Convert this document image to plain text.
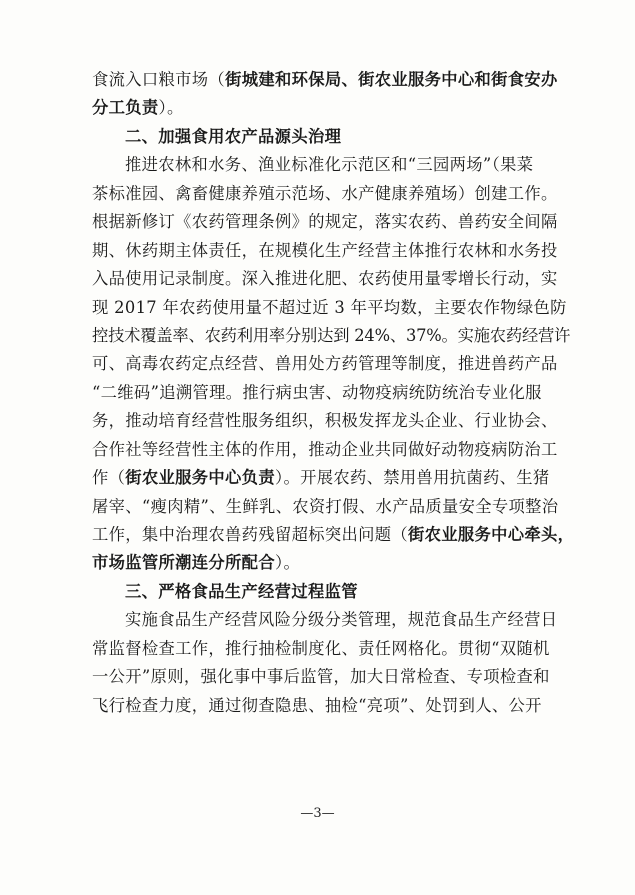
食流入口粮市场（街城建和环保局、街农业服务中心和街食安办
分工负责）。
二、加强食用农产品源头治理
推进农林和水务、渔业标准化示范区和“三园两场”（果菜
茶标准园、禽畜健康养殖示范场、水产健康养殖场）创建工作。
根据新修订《农药管理条例》的规定，落实农药、兽药安全间隔
期、休药期主体责任，在规模化生产经营主体推行农林和水务投
入品使用记录制度。深入推进化肥、农药使用量零增长行动，实
现 2017 年农药使用量不超过近 3 年平均数，主要农作物绿色防
控技术覆盖率、农药利用率分别达到 24%、37%。实施农药经营许
可、高毒农药定点经营、兽用处方药管理等制度，推进兽药产品
“二维码”追溯管理。推行病虫害、动物疫病统防统治专业化服
务，推动培育经营性服务组织，积极发挥龙头企业、行业协会、
合作社等经营性主体的作用，推动企业共同做好动物疫病防治工
作（街农业服务中心负责）。开展农药、禁用兽用抗菌药、生猪
屠宰、“瘦肉精”、生鲜乳、农资打假、水产品质量安全专项整治
工作，集中治理农兽药残留超标突出问题（街农业服务中心牵头，
市场监管所潮连分所配合）。
三、严格食品生产经营过程监管
实施食品生产经营风险分级分类管理，规范食品生产经营日
常监督检查工作，推行抽检制度化、责任网格化。贯彻“双随机
一公开”原则，强化事中事后监管，加大日常检查、专项检查和
飞行检查力度，通过彻查隐患、抽检“亮项”、处罚到人、公开
—3—
